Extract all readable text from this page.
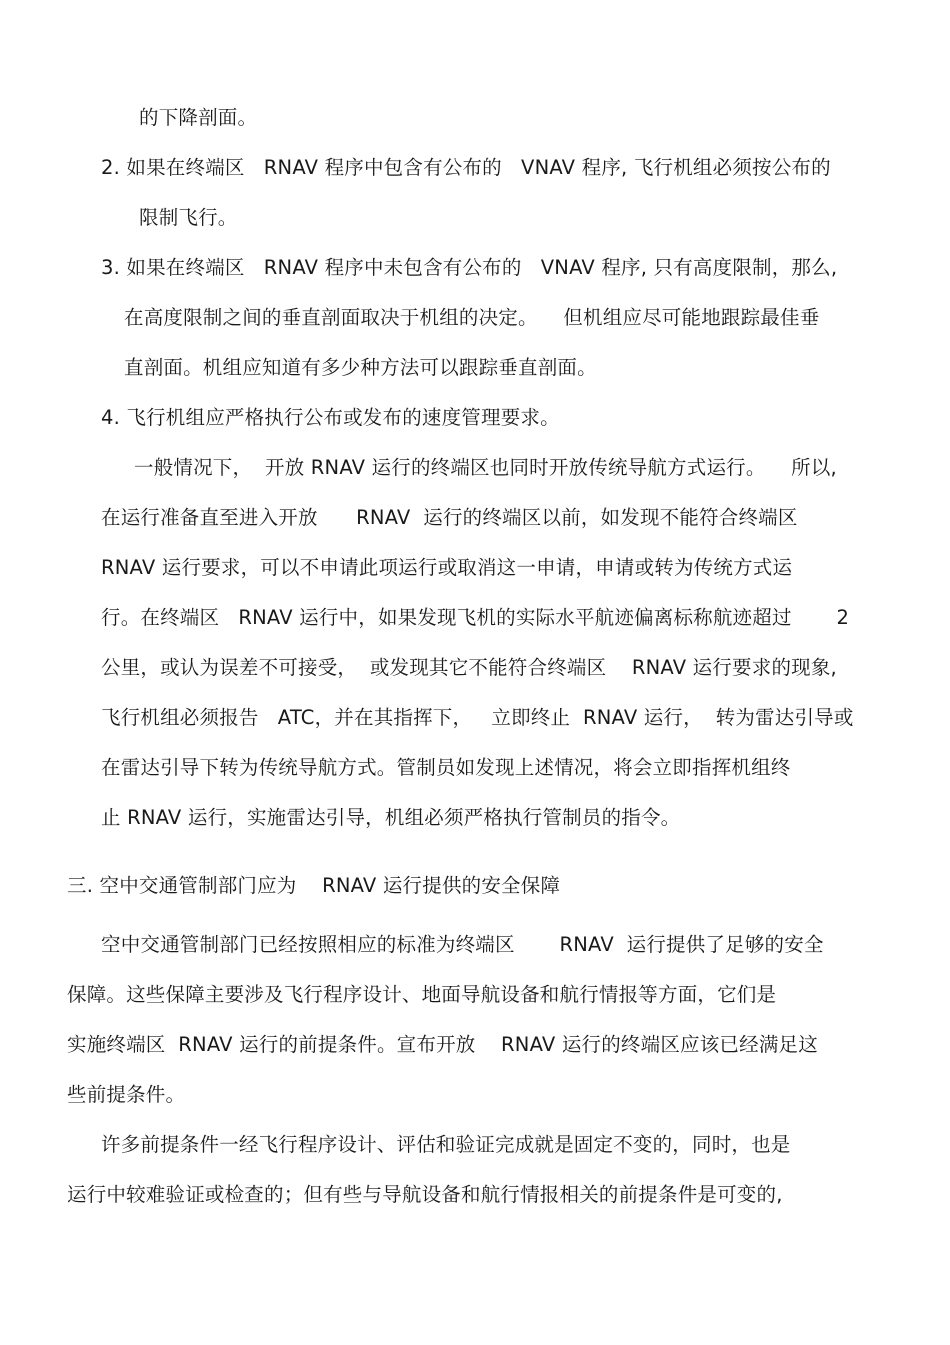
的下降剖面。
2. 如果在终端区   RNAV 程序中包含有公布的   VNAV 程序, 飞行机组必须按公布的
限制飞行。
3. 如果在终端区   RNAV 程序中未包含有公布的   VNAV 程序, 只有高度限制，那么,
在高度限制之间的垂直剖面取决于机组的决定。    但机组应尽可能地跟踪最佳垂
直剖面。机组应知道有多少种方法可以跟踪垂直剖面。
4. 飞行机组应严格执行公布或发布的速度管理要求。
一般情况下，  开放 RNAV 运行的终端区也同时开放传统导航方式运行。    所以,
在运行准备直至进入开放      RNAV  运行的终端区以前，如发现不能符合终端区
RNAV 运行要求，可以不申请此项运行或取消这一申请，申请或转为传统方式运
行。在终端区   RNAV 运行中，如果发现飞机的实际水平航迹偏离标称航迹超过       2
公里，或认为误差不可接受，  或发现其它不能符合终端区    RNAV 运行要求的现象,
飞行机组必须报告   ATC，并在其指挥下，   立即终止  RNAV 运行，  转为雷达引导或
在雷达引导下转为传统导航方式。管制员如发现上述情况，将会立即指挥机组终
止 RNAV 运行，实施雷达引导，机组必须严格执行管制员的指令。
三. 空中交通管制部门应为    RNAV 运行提供的安全保障
空中交通管制部门已经按照相应的标准为终端区       RNAV  运行提供了足够的安全
保障。这些保障主要涉及飞行程序设计、地面导航设备和航行情报等方面，它们是
实施终端区  RNAV 运行的前提条件。宣布开放    RNAV 运行的终端区应该已经满足这
些前提条件。
许多前提条件一经飞行程序设计、评估和验证完成就是固定不变的，同时，也是
运行中较难验证或检查的；但有些与导航设备和航行情报相关的前提条件是可变的,
